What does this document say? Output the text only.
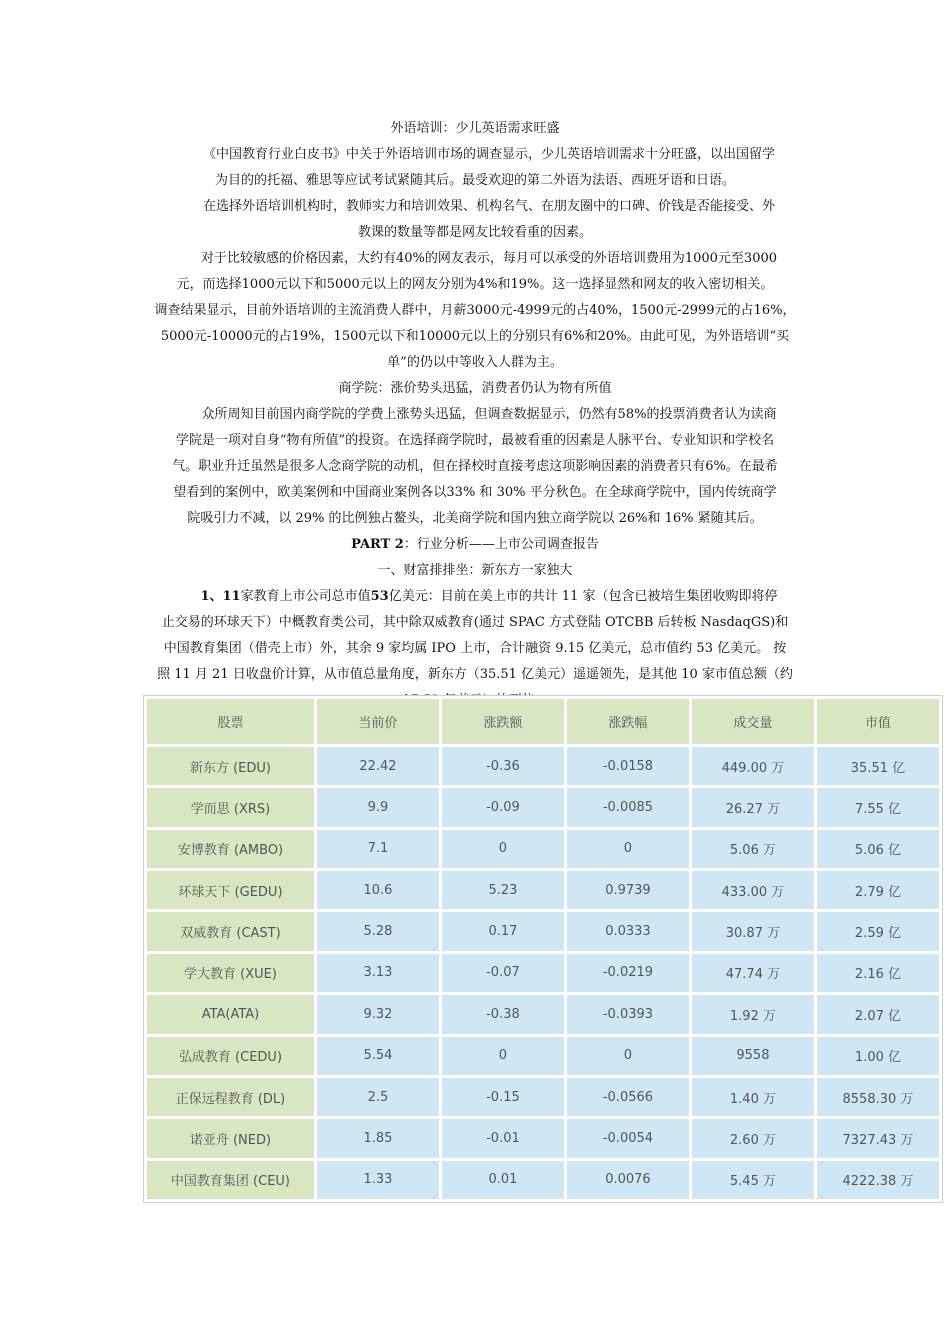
外语培训：少儿英语需求旺盛
《中国教育行业白皮书》中关于外语培训市场的调查显示，少儿英语培训需求十分旺盛，以出国留学
为目的的托福、雅思等应试考试紧随其后。最受欢迎的第二外语为法语、西班牙语和日语。
在选择外语培训机构时，教师实力和培训效果、机构名气、在朋友圈中的口碑、价钱是否能接受、外
教课的数量等都是网友比较看重的因素。
对于比较敏感的价格因素，大约有40%的网友表示，每月可以承受的外语培训费用为1000元至3000
元，而选择1000元以下和5000元以上的网友分别为4%和19%。这一选择显然和网友的收入密切相关。
调查结果显示，目前外语培训的主流消费人群中，月薪3000元-4999元的占40%，1500元-2999元的占16%，
5000元-10000元的占19%，1500元以下和10000元以上的分别只有6%和20%。由此可见，为外语培训“买
单”的仍以中等收入人群为主。
商学院：涨价势头迅猛，消费者仍认为物有所值
众所周知目前国内商学院的学费上涨势头迅猛，但调查数据显示，仍然有58%的投票消费者认为读商
学院是一项对自身“物有所值”的投资。在选择商学院时，最被看重的因素是人脉平台、专业知识和学校名
气。职业升迁虽然是很多人念商学院的动机，但在择校时直接考虑这项影响因素的消费者只有6%。在最希
望看到的案例中，欧美案例和中国商业案例各以33% 和 30% 平分秋色。在全球商学院中，国内传统商学
院吸引力不减，以 29% 的比例独占鳌头，北美商学院和国内独立商学院以 26%和 16% 紧随其后。
PART 2：行业分析——上市公司调查报告
一、财富排排坐：新东方一家独大
1、11家教育上市公司总市值53亿美元：目前在美上市的共计 11 家（包含已被培生集团收购即将停
止交易的环球天下）中概教育类公司，其中除双威教育(通过 SPAC 方式登陆 OTCBB 后转板 NasdaqGS)和
中国教育集团（借壳上市）外，其余 9 家均属 IPO 上市，合计融资 9.15 亿美元，总市值约 53 亿美元。 按
照 11 月 21 日收盘价计算，从市值总量角度，新东方（35.51 亿美元）遥遥领先，是其他 10 家市值总额（约
股票	当前价	涨跌额	涨跌幅	成交量	市值
新东方 (EDU)	22.42	-0.36	-0.0158	449.00 万	35.51 亿
学而思 (XRS)	9.9	-0.09	-0.0085	26.27 万	7.55 亿
安博教育 (AMBO)	7.1	0	0	5.06 万	5.06 亿
环球天下 (GEDU)	10.6	5.23	0.9739	433.00 万	2.79 亿
双威教育 (CAST)	5.28	0.17	0.0333	30.87 万	2.59 亿
学大教育 (XUE)	3.13	-0.07	-0.0219	47.74 万	2.16 亿
ATA(ATA)	9.32	-0.38	-0.0393	1.92 万	2.07 亿
弘成教育 (CEDU)	5.54	0	0	9558	1.00 亿
正保远程教育 (DL)	2.5	-0.15	-0.0566	1.40 万	8558.30 万
诺亚舟 (NED)	1.85	-0.01	-0.0054	2.60 万	7327.43 万
中国教育集团 (CEU)	1.33	0.01	0.0076	5.45 万	4222.38 万
